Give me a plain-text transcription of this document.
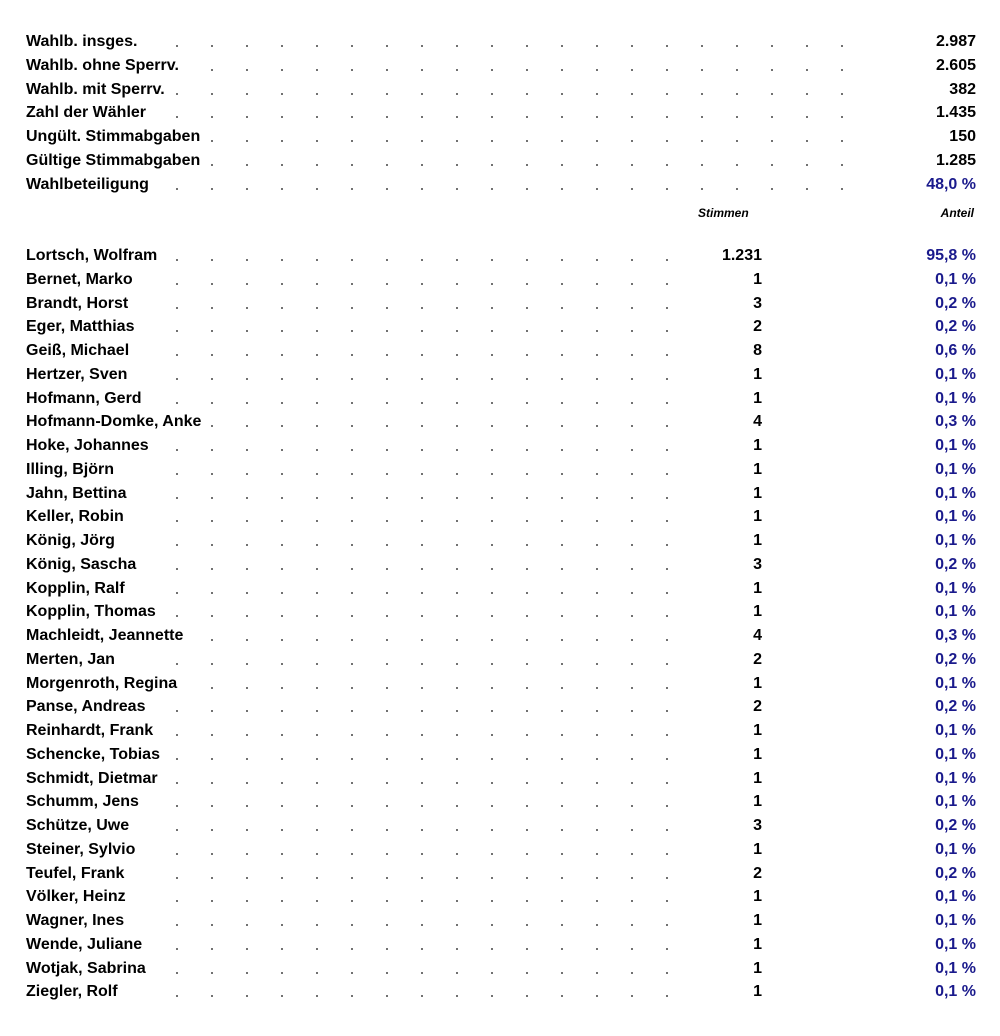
Wahlb. insges.	2.987
Wahlb. ohne Sperrv.	2.605
Wahlb. mit Sperrv.	382
Zahl der Wähler	1.435
Ungült. Stimmabgaben	150
Gültige Stimmabgaben	1.285
Wahlbeteiligung	48,0 %
Stimmen	Anteil
Lortsch, Wolfram	1.231	95,8 %
Bernet, Marko	1	0,1 %
Brandt, Horst	3	0,2 %
Eger, Matthias	2	0,2 %
Geiß, Michael	8	0,6 %
Hertzer, Sven	1	0,1 %
Hofmann, Gerd	1	0,1 %
Hofmann-Domke, Anke	4	0,3 %
Hoke, Johannes	1	0,1 %
Illing, Björn	1	0,1 %
Jahn, Bettina	1	0,1 %
Keller, Robin	1	0,1 %
König, Jörg	1	0,1 %
König, Sascha	3	0,2 %
Kopplin, Ralf	1	0,1 %
Kopplin, Thomas	1	0,1 %
Machleidt, Jeannette	4	0,3 %
Merten, Jan	2	0,2 %
Morgenroth, Regina	1	0,1 %
Panse, Andreas	2	0,2 %
Reinhardt, Frank	1	0,1 %
Schencke, Tobias	1	0,1 %
Schmidt, Dietmar	1	0,1 %
Schumm, Jens	1	0,1 %
Schütze, Uwe	3	0,2 %
Steiner, Sylvio	1	0,1 %
Teufel, Frank	2	0,2 %
Völker, Heinz	1	0,1 %
Wagner, Ines	1	0,1 %
Wende, Juliane	1	0,1 %
Wotjak, Sabrina	1	0,1 %
Ziegler, Rolf	1	0,1 %
